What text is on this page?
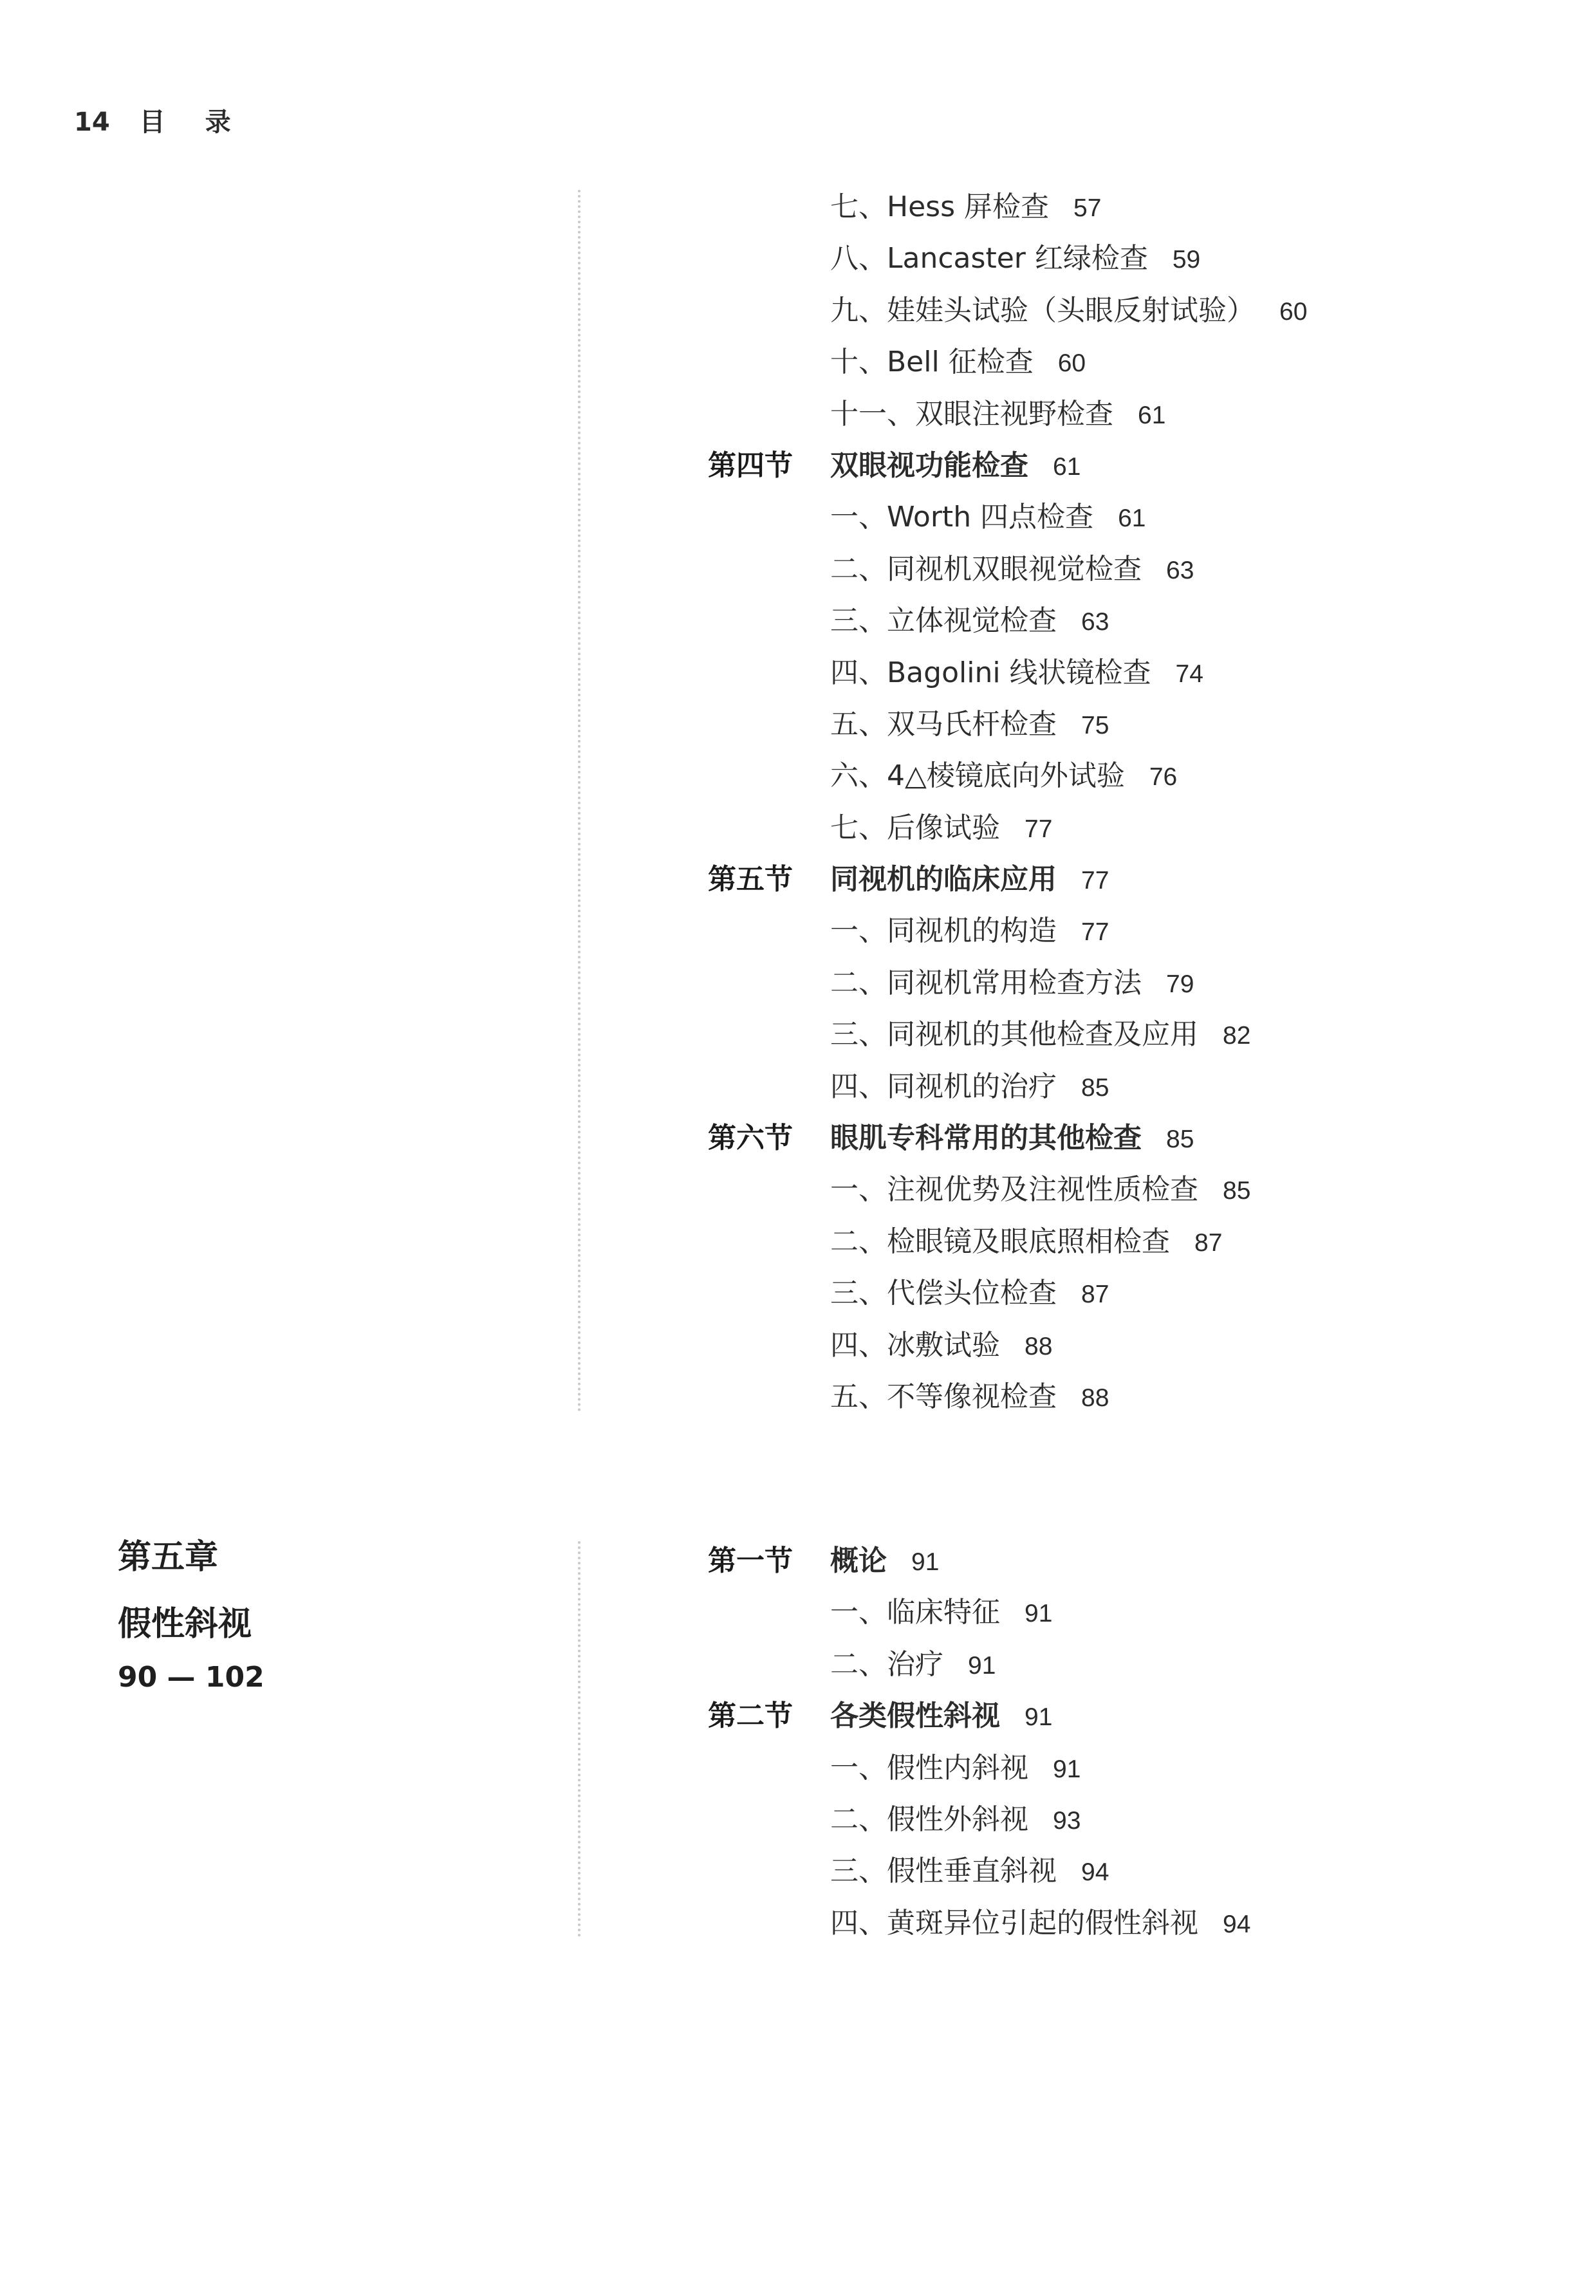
14 目 录
七、Hess 屏检查 57
八、Lancaster 红绿检查 59
九、娃娃头试验（头眼反射试验） 60
十、Bell 征检查 60
十一、双眼注视野检查 61
第四节 双眼视功能检查 61
一、Worth 四点检查 61
二、同视机双眼视觉检查 63
三、立体视觉检查 63
四、Bagolini 线状镜检查 74
五、双马氏杆检查 75
六、4△棱镜底向外试验 76
七、后像试验 77
第五节 同视机的临床应用 77
一、同视机的构造 77
二、同视机常用检查方法 79
三、同视机的其他检查及应用 82
四、同视机的治疗 85
第六节 眼肌专科常用的其他检查 85
一、注视优势及注视性质检查 85
二、检眼镜及眼底照相检查 87
三、代偿头位检查 87
四、冰敷试验 88
五、不等像视检查 88
第五章
假性斜视
90 — 102
第一节 概论 91
一、临床特征 91
二、治疗 91
第二节 各类假性斜视 91
一、假性内斜视 91
二、假性外斜视 93
三、假性垂直斜视 94
四、黄斑异位引起的假性斜视 94
